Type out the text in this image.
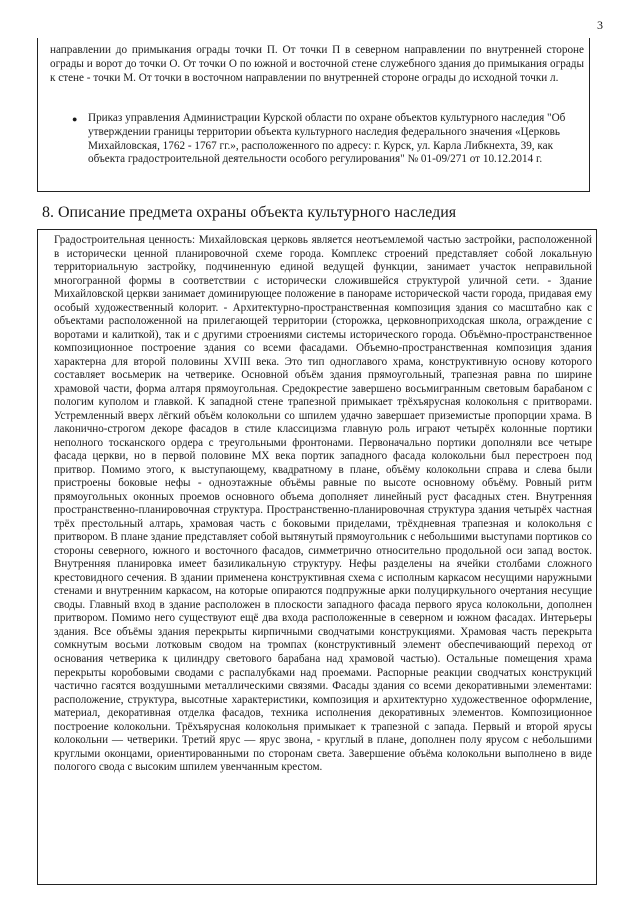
3

направлении до примыкания ограды точки П. От точки П в северном направлении по внутренней стороне ограды и ворот до точки О. От точки О по южной и восточной стене служебного здания до примыкания ограды к стене - точки М. От точки в восточном направлении по внутренней стороне ограды до исходной точки л.

● Приказ управления Администрации Курской области по охране объектов культурного наследия "Об утверждении границы территории объекта культурного наследия федерального значения «Церковь Михайловская, 1762 - 1767 гг.», расположенного по адресу: г. Курск, ул. Карла Либкнехта, 39, как объекта градостроительной деятельности особого регулирования" № 01-09/271 от 10.12.2014 г.
8. Описание предмета охраны объекта культурного наследия

Градостроительная ценность: Михайловская церковь является неотъемлемой частью застройки, расположенной в исторически ценной планировочной схеме города. Комплекс строений представляет собой локальную территориальную застройку, подчиненную единой ведущей функции, занимает участок неправильной многогранной формы в соответствии с исторически сложившейся структурой уличной сети. - Здание Михайловской церкви занимает доминирующее положение в панораме исторической части города, придавая ему особый художественный колорит. - Архитектурно-пространственная композиция здания со масштабно как с объектами расположенной на прилегающей территории (сторожка, церковноприходская школа, ограждение с воротами и калиткой), так и с другими строениями системы исторического города. Объёмно-пространственное композиционное построение здания со всеми фасадами. Объемно-пространственная композиция здания характерна для второй половины XVIII века. Это тип одноглавого храма, конструктивную основу которого составляет восьмерик на четверике. Основной объём здания прямоугольный, трапезная равна по ширине храмовой части, форма алтаря прямоугольная. Средокрестие завершено восьмигранным световым барабаном с пологим куполом и главкой. К западной стене трапезной примыкает трёхъярусная колокольня с притворами. Устремленный вверх лёгкий объём колокольни со шпилем удачно завершает приземистые пропорции храма. В лаконично-строгом декоре фасадов в стиле классицизма главную роль играют четырёх колонные портики неполного тосканского ордера с треугольными фронтонами. Первоначально портики дополняли все четыре фасада церкви, но в первой половине МХ века портик западного фасада колокольни был перестроен под притвор. Помимо этого, к выступающему, квадратному в плане, объёму колокольни справа и слева были пристроены боковые нефы - одноэтажные объёмы равные по высоте основному объёму. Ровный ритм прямоугольных оконных проемов основного объема дополняет линейный руст фасадных стен. Внутренняя пространственно-планировочная структура. Пространственно-планировочная структура здания четырёх частная трёх престольный алтарь, храмовая часть с боковыми приделами, трёхдневная трапезная и колокольня с притвором. В плане здание представляет собой вытянутый прямоугольник с небольшими выступами портиков со стороны северного, южного и восточного фасадов, симметрично относительно продольной оси запад восток. Внутренняя планировка имеет базиликальную структуру. Нефы разделены на ячейки столбами сложного крестовидного сечения. В здании применена конструктивная схема с исполным каркасом несущими наружными стенами и внутренним каркасом, на которые опираются подпружные арки полуциркульного очертания несущие своды. Главный вход в здание расположен в плоскости западного фасада первого яруса колокольни, дополнен притвором. Помимо него существуют ещё два входа расположенные в северном и южном фасадах. Интерьеры здания. Все объёмы здания перекрыты кирпичными сводчатыми конструкциями. Храмовая часть перекрыта сомкнутым восьми лотковым сводом на тромпах (конструктивный элемент обеспечивающий переход от основания четверика к цилиндру светового барабана над храмовой частью). Остальные помещения храма перекрыты коробовыми сводами с распалубками над проемами. Распорные реакции сводчатых конструкций частично гасятся воздушными металлическими связями. Фасады здания со всеми декоративными элементами: расположение, структура, высотные характеристики, композиция и архитектурно художественное оформление, материал, декоративная отделка фасадов, техника исполнения декоративных элементов. Композиционное построение колокольни. Трёхъярусная колокольня примыкает к трапезной с запада. Первый и второй ярусы колокольни — четверики. Третий ярус — ярус звона, - круглый в плане, дополнен полу ярусом с небольшими круглыми оконцами, ориентированными по сторонам света. Завершение объёма колокольни выполнено в виде пологого свода с высоким шпилем увенчанным крестом.
